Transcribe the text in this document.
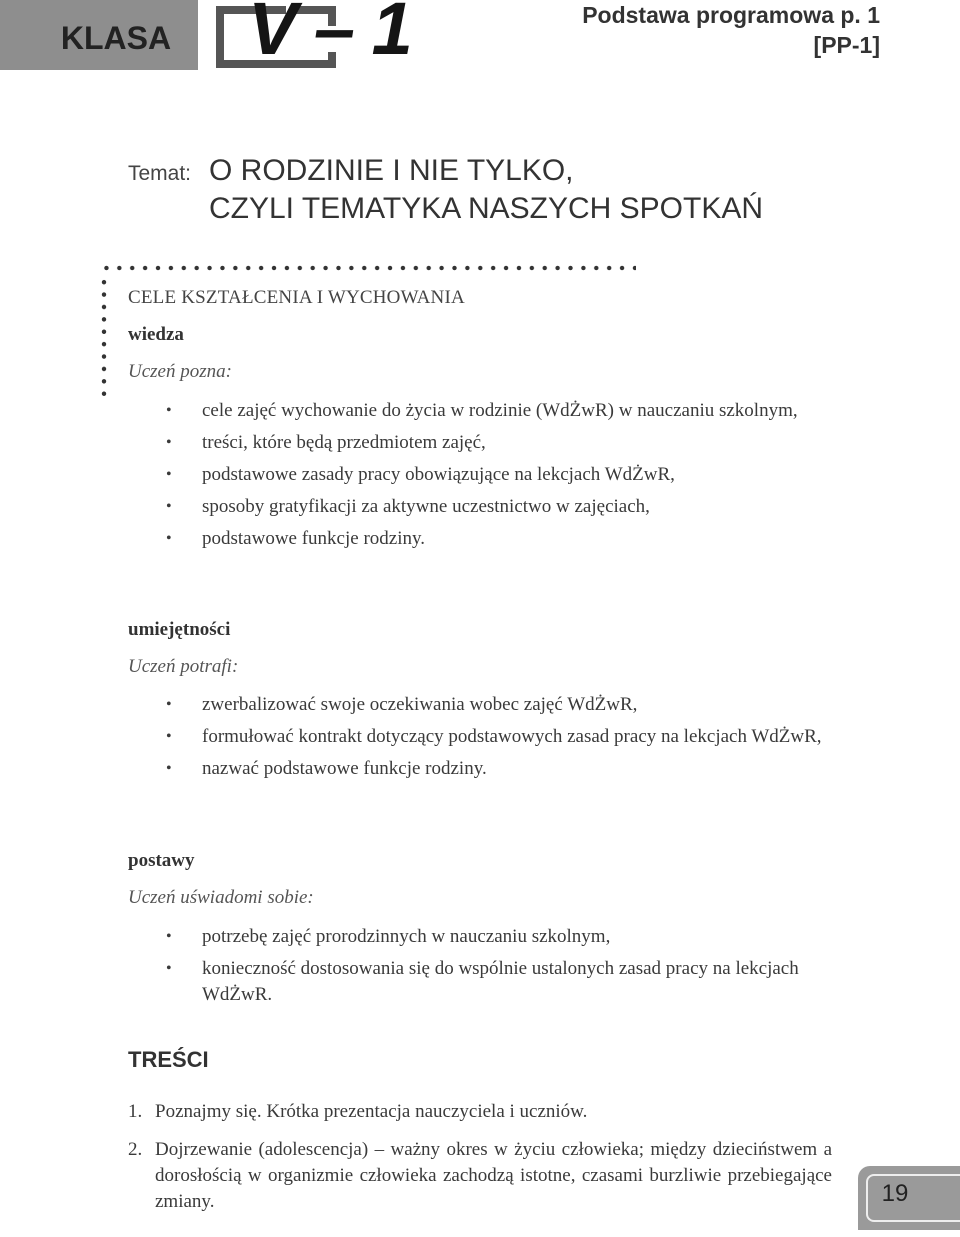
KLASA V – 1	Podstawa programowa p. 1
[PP-1]
Temat: O RODZINIE I NIE TYLKO,
CZYLI TEMATYKA NASZYCH SPOTKAŃ
CELE KSZTAŁCENIA I WYCHOWANIA
wiedza
Uczeń pozna:
• cele zajęć wychowanie do życia w rodzinie (WdŻwR) w nauczaniu szkolnym,
• treści, które będą przedmiotem zajęć,
• podstawowe zasady pracy obowiązujące na lekcjach WdŻwR,
• sposoby gratyfikacji za aktywne uczestnictwo w zajęciach,
• podstawowe funkcje rodziny.
umiejętności
Uczeń potrafi:
• zwerbalizować swoje oczekiwania wobec zajęć WdŻwR,
• formułować kontrakt dotyczący podstawowych zasad pracy na lekcjach WdŻwR,
• nazwać podstawowe funkcje rodziny.
postawy
Uczeń uświadomi sobie:
• potrzebę zajęć prorodzinnych w nauczaniu szkolnym,
• konieczność dostosowania się do wspólnie ustalonych zasad pracy na lekcjach WdŻwR.
TREŚCI
1. Poznajmy się. Krótka prezentacja nauczyciela i uczniów.
2. Dojrzewanie (adolescencja) – ważny okres w życiu człowieka; między dzieciństwem a dorosłością w organizmie człowieka zachodzą istotne, czasami burzliwie przebiegające zmiany.	19
